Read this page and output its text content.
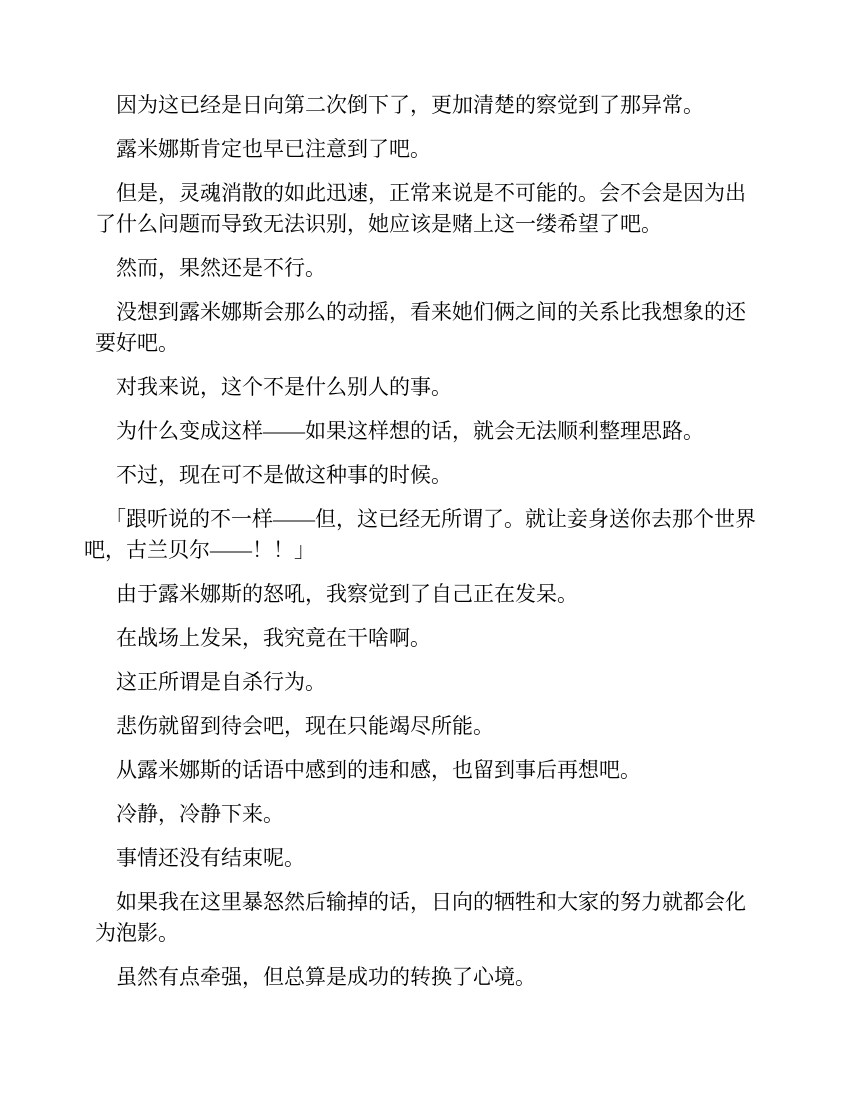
因为这已经是日向第二次倒下了，更加清楚的察觉到了那异常。

露米娜斯肯定也早已注意到了吧。

但是，灵魂消散的如此迅速，正常来说是不可能的。会不会是因为出了什么问题而导致无法识别，她应该是赌上这一缕希望了吧。

然而，果然还是不行。

没想到露米娜斯会那么的动摇，看来她们俩之间的关系比我想象的还要好吧。

对我来说，这个不是什么别人的事。

为什么变成这样——如果这样想的话，就会无法顺利整理思路。

不过，现在可不是做这种事的时候。

「跟听说的不一样——但，这已经无所谓了。就让妾身送你去那个世界吧，古兰贝尔——！！」

由于露米娜斯的怒吼，我察觉到了自己正在发呆。

在战场上发呆，我究竟在干啥啊。

这正所谓是自杀行为。

悲伤就留到待会吧，现在只能竭尽所能。

从露米娜斯的话语中感到的违和感，也留到事后再想吧。

冷静，冷静下来。

事情还没有结束呢。

如果我在这里暴怒然后输掉的话，日向的牺牲和大家的努力就都会化为泡影。

虽然有点牵强，但总算是成功的转换了心境。
